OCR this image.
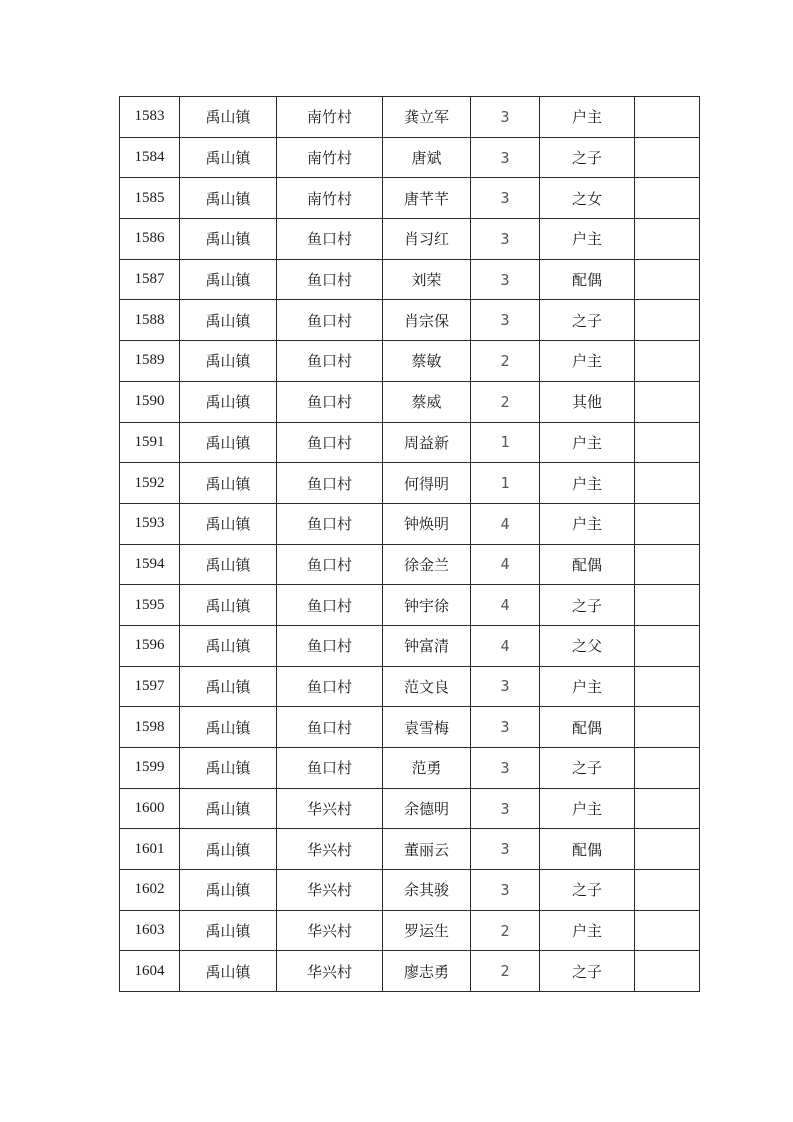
1583	禹山镇	南竹村	龚立军	3	户主	
1584	禹山镇	南竹村	唐斌	3	之子	
1585	禹山镇	南竹村	唐芊芊	3	之女	
1586	禹山镇	鱼口村	肖习红	3	户主	
1587	禹山镇	鱼口村	刘荣	3	配偶	
1588	禹山镇	鱼口村	肖宗保	3	之子	
1589	禹山镇	鱼口村	蔡敏	2	户主	
1590	禹山镇	鱼口村	蔡威	2	其他	
1591	禹山镇	鱼口村	周益新	1	户主	
1592	禹山镇	鱼口村	何得明	1	户主	
1593	禹山镇	鱼口村	钟焕明	4	户主	
1594	禹山镇	鱼口村	徐金兰	4	配偶	
1595	禹山镇	鱼口村	钟宇徐	4	之子	
1596	禹山镇	鱼口村	钟富清	4	之父	
1597	禹山镇	鱼口村	范文良	3	户主	
1598	禹山镇	鱼口村	袁雪梅	3	配偶	
1599	禹山镇	鱼口村	范勇	3	之子	
1600	禹山镇	华兴村	余德明	3	户主	
1601	禹山镇	华兴村	董丽云	3	配偶	
1602	禹山镇	华兴村	余其骏	3	之子	
1603	禹山镇	华兴村	罗运生	2	户主	
1604	禹山镇	华兴村	廖志勇	2	之子	
